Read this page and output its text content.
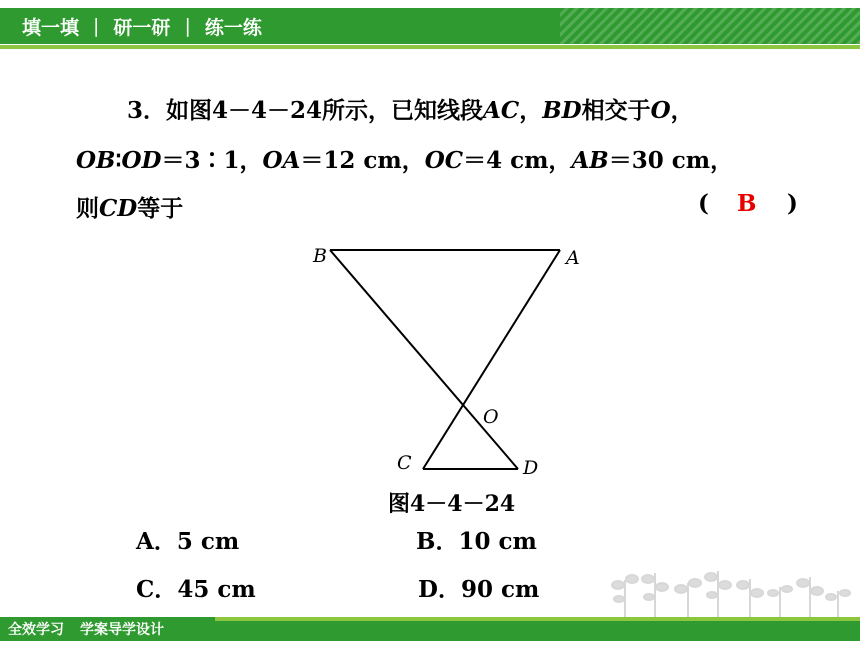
填一填 | 研一研 | 练一练
3．如图4－4－24所示，已知线段AC，BD相交于O，
OB∶OD＝3∶1，OA＝12 cm，OC＝4 cm，AB＝30 cm，
则CD等于	( B )
B	A
O
C	D
图4－4－24
A．5 cm	B．10 cm
C．45 cm	D．90 cm
全效学习 学案导学设计
